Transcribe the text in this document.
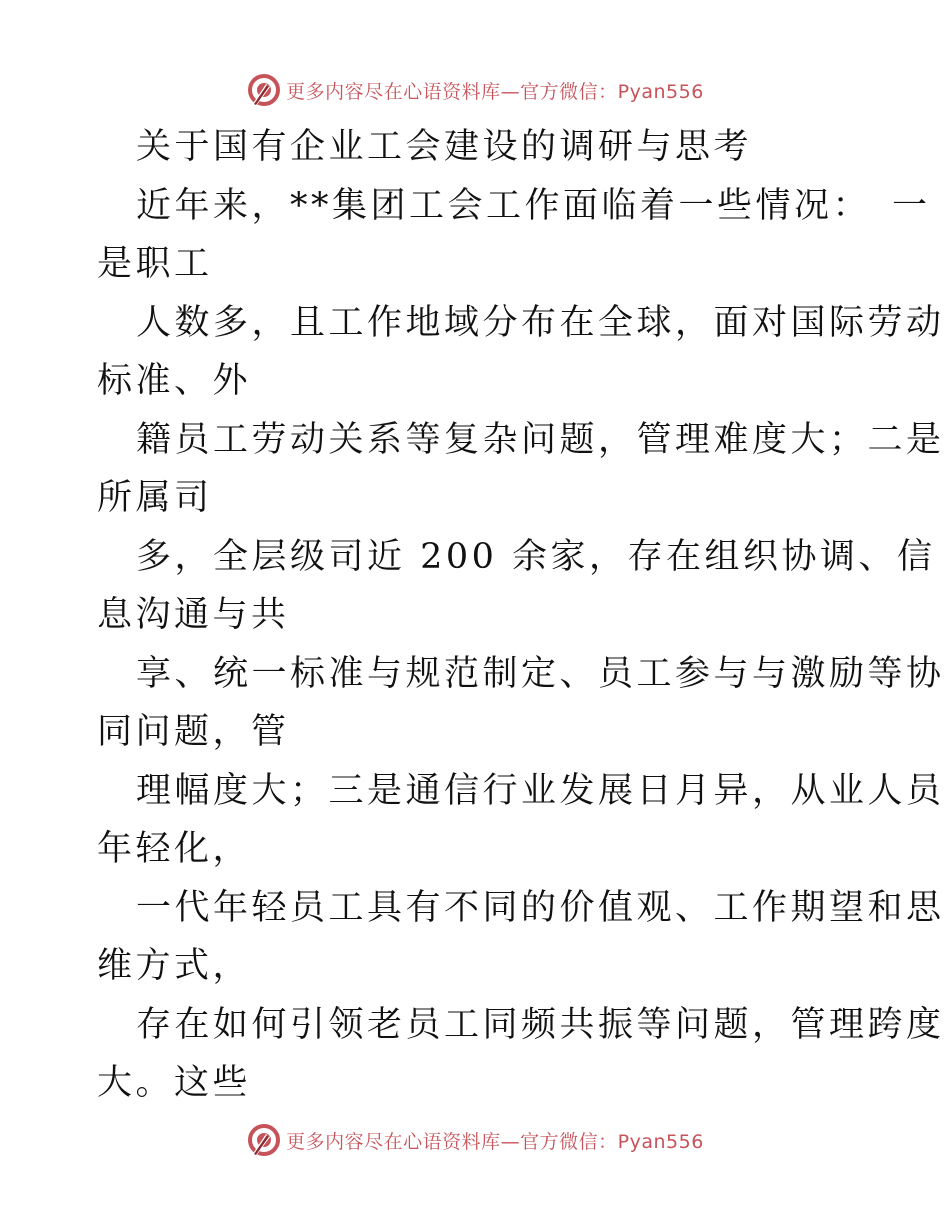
更多内容尽在心语资料库—官方微信：Pyan556
关于国有企业工会建设的调研与思考
近年来，**集团工会工作面临着一些情况：　一
是职工
人数多，且工作地域分布在全球，面对国际劳动
标准、外
籍员工劳动关系等复杂问题，管理难度大；二是
所属司
多，全层级司近 200 余家，存在组织协调、信
息沟通与共
享、统一标准与规范制定、员工参与与激励等协
同问题，管
理幅度大；三是通信行业发展日月异，从业人员
年轻化，
一代年轻员工具有不同的价值观、工作期望和思
维方式，
存在如何引领老员工同频共振等问题，管理跨度
大。这些
更多内容尽在心语资料库—官方微信：Pyan556
